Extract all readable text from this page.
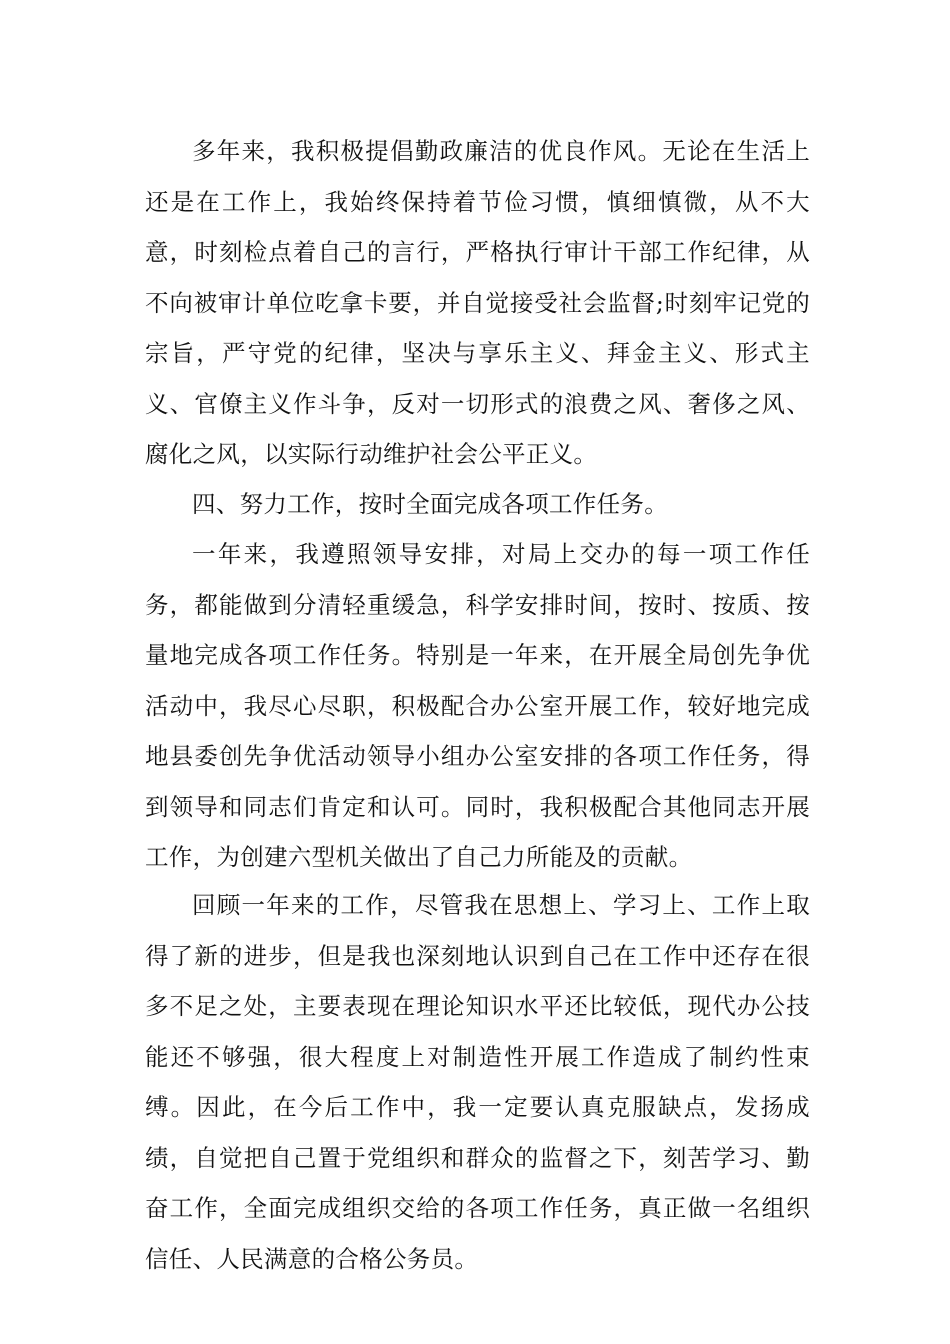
多年来，我积极提倡勤政廉洁的优良作风。无论在生活上还是在工作上，我始终保持着节俭习惯，慎细慎微，从不大意，时刻检点着自己的言行，严格执行审计干部工作纪律，从不向被审计单位吃拿卡要，并自觉接受社会监督;时刻牢记党的宗旨，严守党的纪律，坚决与享乐主义、拜金主义、形式主义、官僚主义作斗争，反对一切形式的浪费之风、奢侈之风、腐化之风，以实际行动维护社会公平正义。

四、努力工作，按时全面完成各项工作任务。

一年来，我遵照领导安排，对局上交办的每一项工作任务，都能做到分清轻重缓急，科学安排时间，按时、按质、按量地完成各项工作任务。特别是一年来，在开展全局创先争优活动中，我尽心尽职，积极配合办公室开展工作，较好地完成地县委创先争优活动领导小组办公室安排的各项工作任务，得到领导和同志们肯定和认可。同时，我积极配合其他同志开展工作，为创建六型机关做出了自己力所能及的贡献。

回顾一年来的工作，尽管我在思想上、学习上、工作上取得了新的进步，但是我也深刻地认识到自己在工作中还存在很多不足之处，主要表现在理论知识水平还比较低，现代办公技能还不够强，很大程度上对制造性开展工作造成了制约性束缚。因此，在今后工作中，我一定要认真克服缺点，发扬成绩，自觉把自己置于党组织和群众的监督之下，刻苦学习、勤奋工作，全面完成组织交给的各项工作任务，真正做一名组织信任、人民满意的合格公务员。
